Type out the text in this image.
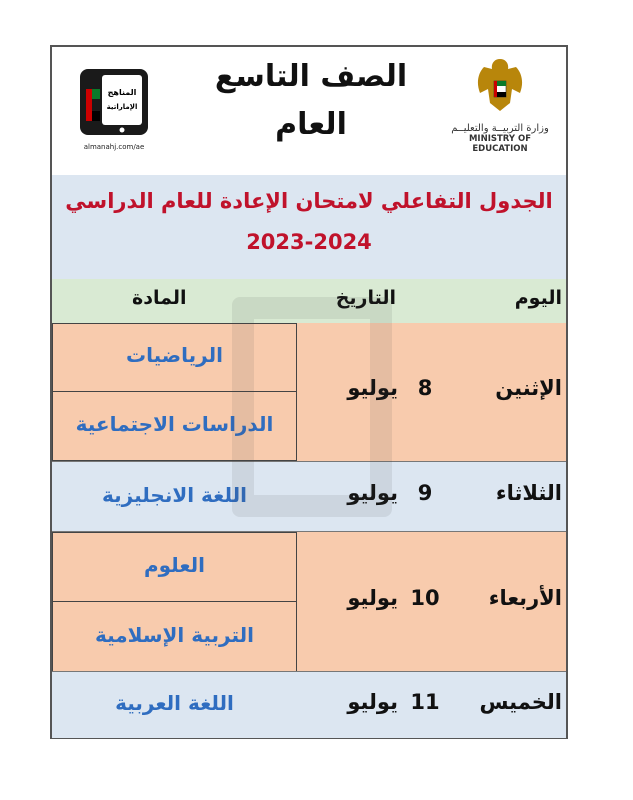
وزارة التربيــة والتعليــم
MINISTRY OF EDUCATION
الصف التاسع
العام
المناهج
الإماراتية
almanahj.com/ae
الجدول التفاعلي لامتحان الإعادة للعام الدراسي
2023-2024
اليوم
التاريخ
المادة
الإثنين
8
يوليو
الرياضيات
الدراسات الاجتماعية
الثلاثاء
9
يوليو
اللغة الانجليزية
الأربعاء
10
يوليو
العلوم
التربية الإسلامية
الخميس
11
يوليو
اللغة العربية
